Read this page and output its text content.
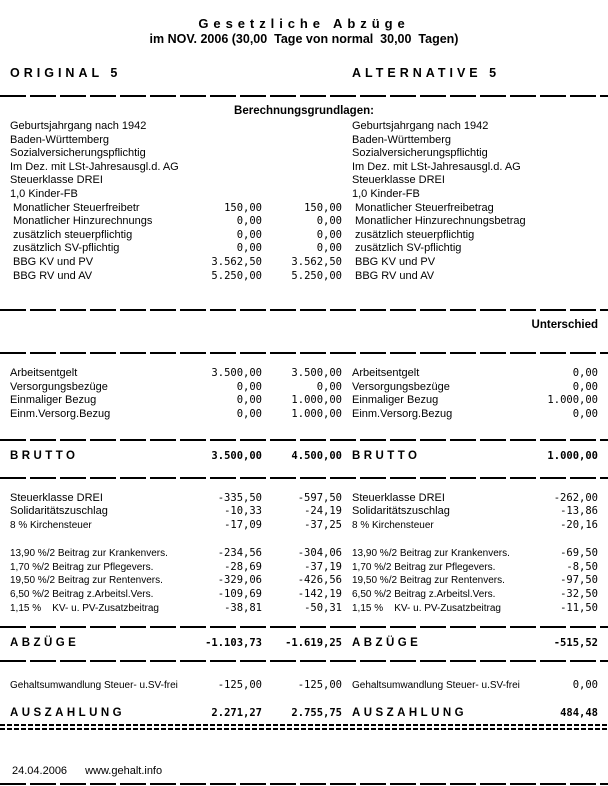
Gesetzliche Abzüge
im NOV. 2006 (30,00  Tage von normal  30,00  Tagen)
ORIGINAL 5	ALTERNATIVE 5
Berechnungsgrundlagen:
Geburtsjahrgang nach 1942	Geburtsjahrgang nach 1942
Baden-Württemberg	Baden-Württemberg
Sozialversicherungspflichtig	Sozialversicherungspflichtig
Im Dez. mit LSt-Jahresausgl.d. AG	Im Dez. mit LSt-Jahresausgl.d. AG
Steuerklasse DREI	Steuerklasse DREI
1,0 Kinder-FB	1,0 Kinder-FB
Monatlicher Steuerfreibetr	150,00	150,00 Monatlicher Steuerfreibetrag
Monatlicher Hinzurechnungs	0,00	0,00 Monatlicher Hinzurechnungsbetrag
zusätzlich steuerpflichtig	0,00	0,00 zusätzlich steuerpflichtig
zusätzlich SV-pflichtig	0,00	0,00 zusätzlich SV-pflichtig
BBG KV und PV	3.562,50	3.562,50 BBG KV und PV
BBG RV und AV	5.250,00	5.250,00 BBG RV und AV
Unterschied
Arbeitsentgelt	3.500,00	3.500,00 Arbeitsentgelt	0,00
Versorgungsbezüge	0,00	0,00 Versorgungsbezüge	0,00
Einmaliger Bezug	0,00	1.000,00 Einmaliger Bezug	1.000,00
Einm.Versorg.Bezug	0,00	1.000,00 Einm.Versorg.Bezug	0,00
BRUTTO	3.500,00	4.500,00 BRUTTO	1.000,00
Steuerklasse DREI	-335,50	-597,50 Steuerklasse DREI	-262,00
Solidaritätszuschlag	-10,33	-24,19 Solidaritätszuschlag	-13,86
8 % Kirchensteuer	-17,09	-37,25 8 % Kirchensteuer	-20,16
13,90 %/2 Beitrag zur Krankenvers.	-234,56	-304,06 13,90 %/2 Beitrag zur Krankenvers.	-69,50
1,70 %/2 Beitrag zur Pflegevers.	-28,69	-37,19 1,70 %/2 Beitrag zur Pflegevers.	-8,50
19,50 %/2 Beitrag zur Rentenvers.	-329,06	-426,56 19,50 %/2 Beitrag zur Rentenvers.	-97,50
6,50 %/2 Beitrag z.Arbeitsl.Vers.	-109,69	-142,19 6,50 %/2 Beitrag z.Arbeitsl.Vers.	-32,50
1,15 %    KV- u. PV-Zusatzbeitrag	-38,81	-50,31 1,15 %    KV- u. PV-Zusatzbeitrag	-11,50
ABZÜGE	-1.103,73	-1.619,25 ABZÜGE	-515,52
Gehaltsumwandlung Steuer- u.SV-frei	-125,00	-125,00 Gehaltsumwandlung Steuer- u.SV-frei	0,00
AUSZAHLUNG	2.271,27	2.755,75 AUSZAHLUNG	484,48
24.04.2006 www.gehalt.info
